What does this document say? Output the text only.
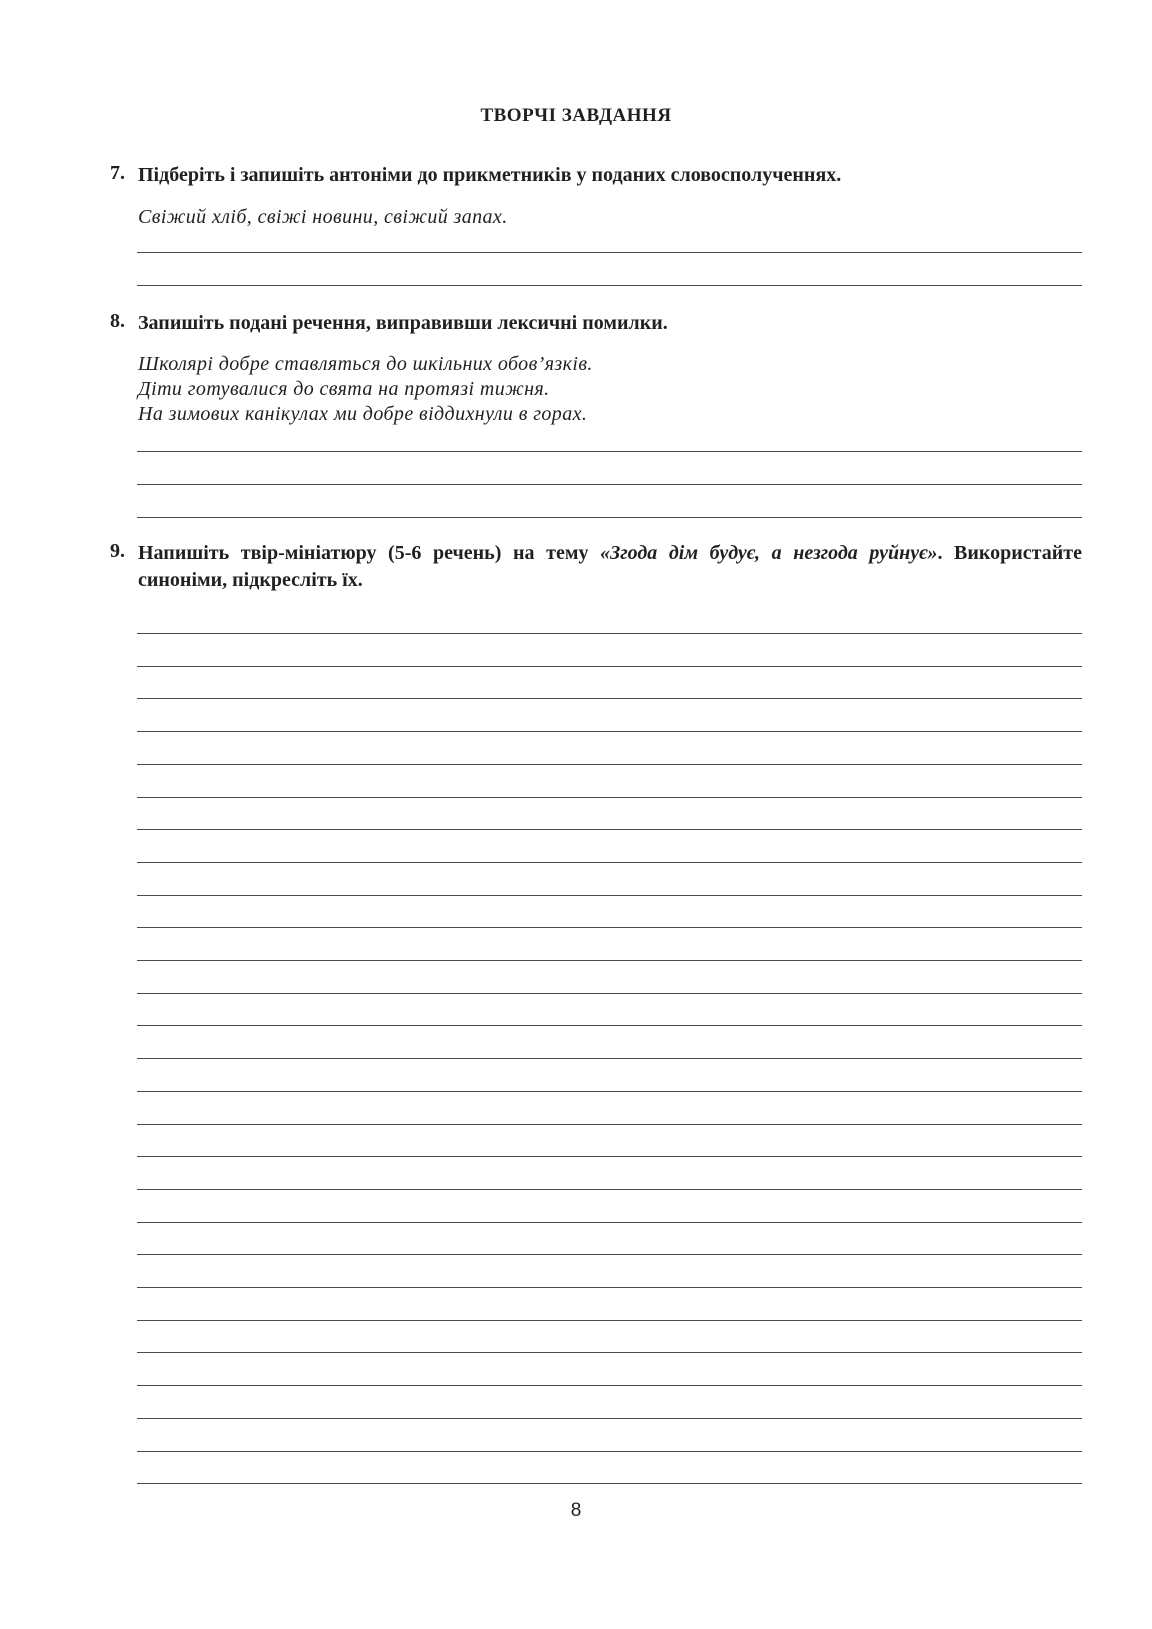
ТВОРЧІ ЗАВДАННЯ
7. Підберіть і запишіть антоніми до прикметників у поданих словосполученнях.
Свіжий хліб, свіжі новини, свіжий запах.
8. Запишіть подані речення, виправивши лексичні помилки.
Школярі добре ставляться до шкільних обов’язків.
Діти готувалися до свята на протязі тижня.
На зимових канікулах ми добре віддихнули в горах.
9. Напишіть твір-мініатюру (5-6 речень) на тему «Згода дім будує, а незгода руйнує». Використайте синоніми, підкресліть їх.
8
